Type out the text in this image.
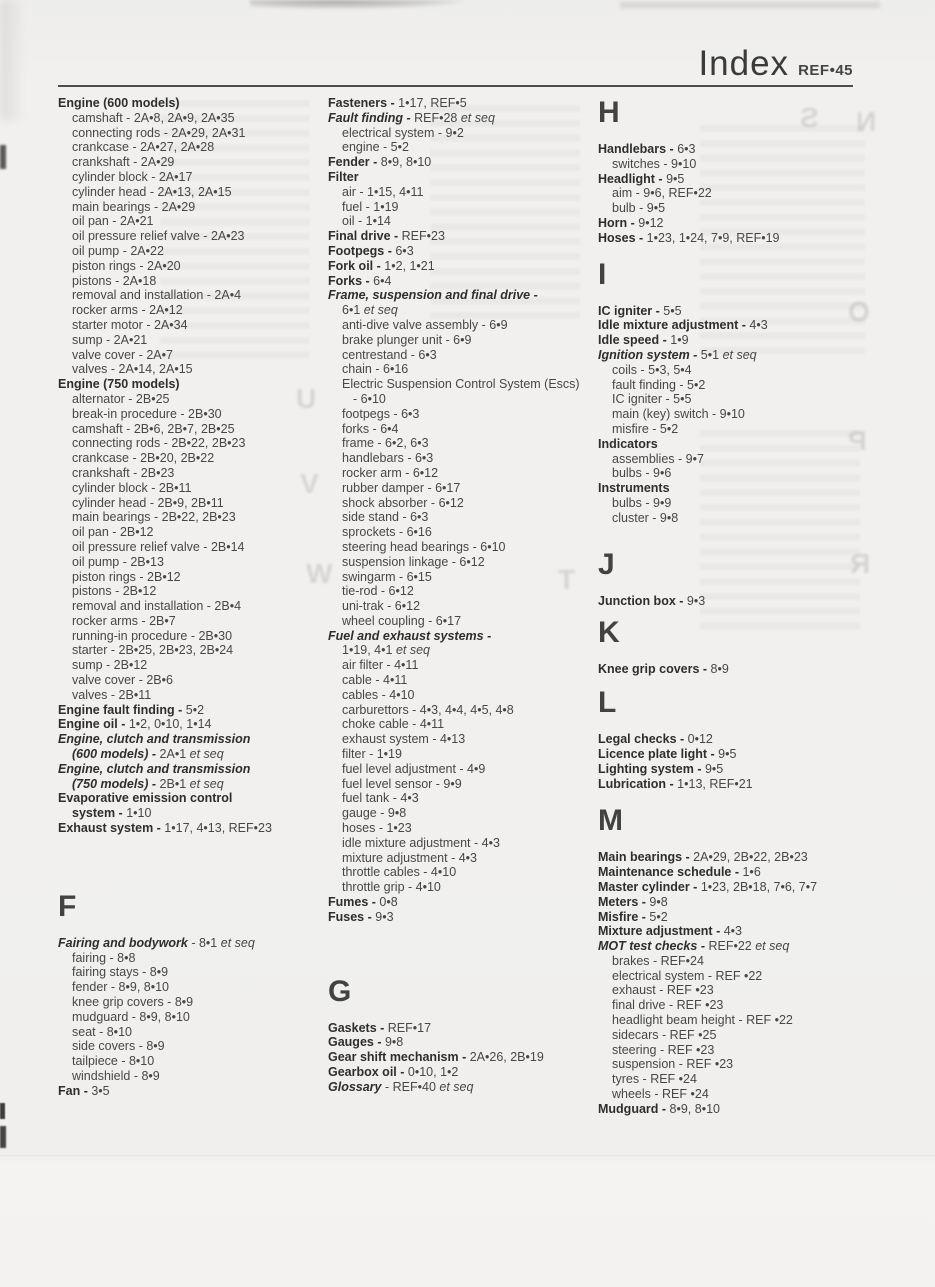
S N
O
U
V
W	T
P
R
Index REF•45
Engine (600 models)
camshaft - 2A•8, 2A•9, 2A•35
connecting rods - 2A•29, 2A•31
crankcase - 2A•27, 2A•28
crankshaft - 2A•29
cylinder block - 2A•17
cylinder head - 2A•13, 2A•15
main bearings - 2A•29
oil pan - 2A•21
oil pressure relief valve - 2A•23
oil pump - 2A•22
piston rings - 2A•20
pistons - 2A•18
removal and installation - 2A•4
rocker arms - 2A•12
starter motor - 2A•34
sump - 2A•21
valve cover - 2A•7
valves - 2A•14, 2A•15
Engine (750 models)
alternator - 2B•25
break-in procedure - 2B•30
camshaft - 2B•6, 2B•7, 2B•25
connecting rods - 2B•22, 2B•23
crankcase - 2B•20, 2B•22
crankshaft - 2B•23
cylinder block - 2B•11
cylinder head - 2B•9, 2B•11
main bearings - 2B•22, 2B•23
oil pan - 2B•12
oil pressure relief valve - 2B•14
oil pump - 2B•13
piston rings - 2B•12
pistons - 2B•12
removal and installation - 2B•4
rocker arms - 2B•7
running-in procedure - 2B•30
starter - 2B•25, 2B•23, 2B•24
sump - 2B•12
valve cover - 2B•6
valves - 2B•11
Engine fault finding - 5•2
Engine oil - 1•2, 0•10, 1•14
Engine, clutch and transmission
(600 models) - 2A•1 et seq
Engine, clutch and transmission
(750 models) - 2B•1 et seq
Evaporative emission control
system - 1•10
Exhaust system - 1•17, 4•13, REF•23
F
Fairing and bodywork - 8•1 et seq
fairing - 8•8
fairing stays - 8•9
fender - 8•9, 8•10
knee grip covers - 8•9
mudguard - 8•9, 8•10
seat - 8•10
side covers - 8•9
tailpiece - 8•10
windshield - 8•9
Fan - 3•5
Fasteners - 1•17, REF•5
Fault finding - REF•28 et seq
electrical system - 9•2
engine - 5•2
Fender - 8•9, 8•10
Filter
air - 1•15, 4•11
fuel - 1•19
oil - 1•14
Final drive - REF•23
Footpegs - 6•3
Fork oil - 1•2, 1•21
Forks - 6•4
Frame, suspension and final drive -
6•1 et seq
anti-dive valve assembly - 6•9
brake plunger unit - 6•9
centrestand - 6•3
chain - 6•16
Electric Suspension Control System (Escs)
- 6•10
footpegs - 6•3
forks - 6•4
frame - 6•2, 6•3
handlebars - 6•3
rocker arm - 6•12
rubber damper - 6•17
shock absorber - 6•12
side stand - 6•3
sprockets - 6•16
steering head bearings - 6•10
suspension linkage - 6•12
swingarm - 6•15
tie-rod - 6•12
uni-trak - 6•12
wheel coupling - 6•17
Fuel and exhaust systems -
1•19, 4•1 et seq
air filter - 4•11
cable - 4•11
cables - 4•10
carburettors - 4•3, 4•4, 4•5, 4•8
choke cable - 4•11
exhaust system - 4•13
filter - 1•19
fuel level adjustment - 4•9
fuel level sensor - 9•9
fuel tank - 4•3
gauge - 9•8
hoses - 1•23
idle mixture adjustment - 4•3
mixture adjustment - 4•3
throttle cables - 4•10
throttle grip - 4•10
Fumes - 0•8
Fuses - 9•3
G
Gaskets - REF•17
Gauges - 9•8
Gear shift mechanism - 2A•26, 2B•19
Gearbox oil - 0•10, 1•2
Glossary - REF•40 et seq
H
Handlebars - 6•3
switches - 9•10
Headlight - 9•5
aim - 9•6, REF•22
bulb - 9•5
Horn - 9•12
Hoses - 1•23, 1•24, 7•9, REF•19
I
IC igniter - 5•5
Idle mixture adjustment - 4•3
Idle speed - 1•9
Ignition system - 5•1 et seq
coils - 5•3, 5•4
fault finding - 5•2
IC igniter - 5•5
main (key) switch - 9•10
misfire - 5•2
Indicators
assemblies - 9•7
bulbs - 9•6
Instruments
bulbs - 9•9
cluster - 9•8
J
Junction box - 9•3
K
Knee grip covers - 8•9
L
Legal checks - 0•12
Licence plate light - 9•5
Lighting system - 9•5
Lubrication - 1•13, REF•21
M
Main bearings - 2A•29, 2B•22, 2B•23
Maintenance schedule - 1•6
Master cylinder - 1•23, 2B•18, 7•6, 7•7
Meters - 9•8
Misfire - 5•2
Mixture adjustment - 4•3
MOT test checks - REF•22 et seq
brakes - REF•24
electrical system - REF •22
exhaust - REF •23
final drive - REF •23
headlight beam height - REF •22
sidecars - REF •25
steering - REF •23
suspension - REF •23
tyres - REF •24
wheels - REF •24
Mudguard - 8•9, 8•10
